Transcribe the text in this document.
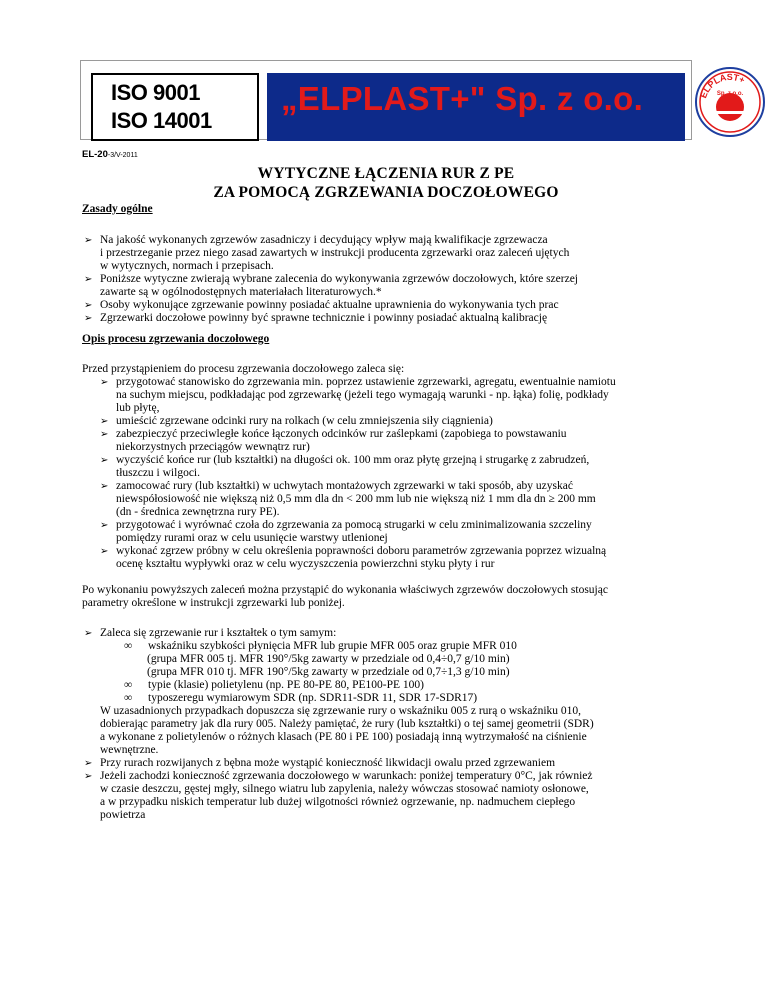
ISO 9001
ISO 14001
„ELPLAST+" Sp. z o.o.	ELPLAST+
Sp. z o.o.
EL-20-3/V-2011
WYTYCZNE ŁĄCZENIA RUR Z PE
ZA POMOCĄ ZGRZEWANIA DOCZOŁOWEGO
Zasady ogólne
➢ Na jakość wykonanych zgrzewów zasadniczy i decydujący wpływ mają kwalifikacje zgrzewacza
i przestrzeganie przez niego zasad zawartych w instrukcji producenta zgrzewarki oraz zaleceń ujętych
w wytycznych, normach i przepisach.
➢ Poniższe wytyczne zwierają wybrane zalecenia do wykonywania zgrzewów doczołowych, które szerzej
zawarte są w ogólnodostępnych materiałach literaturowych.*
➢ Osoby wykonujące zgrzewanie powinny posiadać aktualne uprawnienia do wykonywania tych prac
➢ Zgrzewarki doczołowe powinny być sprawne technicznie i powinny posiadać aktualną kalibrację
Opis procesu zgrzewania doczołowego
Przed przystąpieniem do procesu zgrzewania doczołowego zaleca się:
➢ przygotować stanowisko do zgrzewania min. poprzez ustawienie zgrzewarki, agregatu, ewentualnie namiotu
na suchym miejscu, podkładając pod zgrzewarkę (jeżeli tego wymagają warunki - np. łąka) folię, podkłady
lub płytę,
➢ umieścić zgrzewane odcinki rury na rolkach (w celu zmniejszenia siły ciągnienia)
➢ zabezpieczyć przeciwległe końce łączonych odcinków rur zaślepkami (zapobiega to powstawaniu
niekorzystnych przeciągów wewnątrz rur)
➢ wyczyścić końce rur (lub kształtki) na długości ok. 100 mm oraz płytę grzejną i strugarkę z zabrudzeń,
tłuszczu i wilgoci.
➢ zamocować rury (lub kształtki) w uchwytach montażowych zgrzewarki w taki sposób, aby uzyskać
niewspółosiowość nie większą niż 0,5 mm dla dn < 200 mm lub nie większą niż 1 mm dla dn ≥ 200 mm
(dn - średnica zewnętrzna rury PE).
➢ przygotować i wyrównać czoła do zgrzewania za pomocą strugarki w celu zminimalizowania szczeliny
pomiędzy rurami oraz w celu usunięcie warstwy utlenionej
➢ wykonać zgrzew próbny w celu określenia poprawności doboru parametrów zgrzewania poprzez wizualną
ocenę kształtu wypływki oraz w celu wyczyszczenia powierzchni styku płyty i rur
Po wykonaniu powyższych zaleceń można przystąpić do wykonania właściwych zgrzewów doczołowych stosując
parametry określone w instrukcji zgrzewarki lub poniżej.
➢ Zaleca się zgrzewanie rur i kształtek o tym samym:
∞ wskaźniku szybkości płynięcia MFR lub grupie MFR 005 oraz grupie MFR 010
(grupa MFR 005 tj. MFR 190°/5kg zawarty w przedziale od 0,4÷0,7 g/10 min)
(grupa MFR 010 tj. MFR 190°/5kg zawarty w przedziale od 0,7÷1,3 g/10 min)
∞ typie (klasie) polietylenu (np. PE 80-PE 80, PE100-PE 100)
∞ typoszeregu wymiarowym SDR (np. SDR11-SDR 11, SDR 17-SDR17)
W uzasadnionych przypadkach dopuszcza się zgrzewanie rury o wskaźniku 005 z rurą o wskaźniku 010,
dobierając parametry jak dla rury 005. Należy pamiętać, że rury (lub kształtki) o tej samej geometrii (SDR)
a wykonane z polietylenów o różnych klasach (PE 80 i PE 100) posiadają inną wytrzymałość na ciśnienie
wewnętrzne.
➢ Przy rurach rozwijanych z bębna może wystąpić konieczność likwidacji owalu przed zgrzewaniem
➢ Jeżeli zachodzi konieczność zgrzewania doczołowego w warunkach: poniżej temperatury 0°C, jak również
w czasie deszczu, gęstej mgły, silnego wiatru lub zapylenia, należy wówczas stosować namioty osłonowe,
a w przypadku niskich temperatur lub dużej wilgotności również ogrzewanie, np. nadmuchem ciepłego
powietrza
